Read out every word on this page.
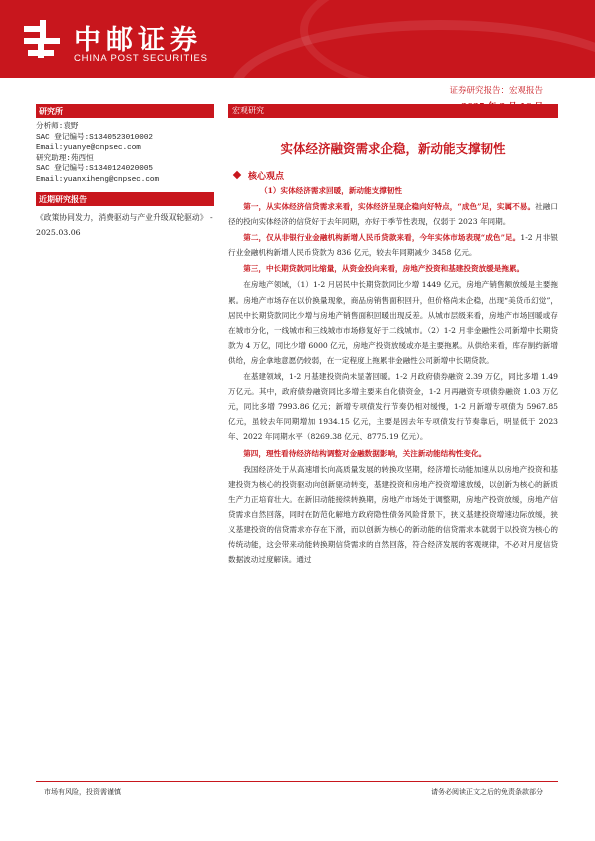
中邮证券
CHINA POST SECURITIES
证券研究报告：宏观报告
研究所
分析师:袁野
SAC 登记编号:S1340523010002
Email:yuanye@cnpsec.com
研究助理:苑西恒
SAC 登记编号:S1340124020005
Email:yuanxiheng@cnpsec.com
近期研究报告
《政策协同发力，消费驱动与产业升级双轮驱动》 - 2025.03.06
宏观研究
实体经济融资需求企稳，新动能支撑韧性
核心观点
（1）实体经济需求回暖，新动能支撑韧性

第一，从实体经济信贷需求来看，实体经济呈现企稳向好特点，“成色”足，实属不易。社融口径的投向实体经济的信贷好于去年同期，亦好于季节性表现，仅弱于 2023 年同期。

第二，仅从非银行业金融机构新增人民币贷款来看，今年实体市场表现“成色”足。1-2 月非银行业金融机构新增人民币贷款为 836 亿元，较去年同期减少 3458 亿元。

第三，中长期贷款同比缩量，从资金投向来看，房地产投资和基建投资放缓是拖累。

在房地产领域，（1）1-2 月居民中长期贷款同比少增 1449 亿元，房地产销售额放缓是主要拖累。房地产市场存在以价换量现象，商品房销售面积回升，但价格尚未企稳，出现“美货币幻觉”，居民中长期贷款同比少增与房地产销售面积回暖出现反差。从城市层级来看，房地产市场回暖或存在城市分化，一线城市和三线城市市场修复好于二线城市。（2）1-2 月非金融性公司新增中长期贷款为 4 万亿，同比少增 6000 亿元，房地产投资放缓或亦是主要拖累。从供给来看，库存制约新增供给，房企拿地意愿仍较弱，在一定程度上拖累非金融性公司新增中长期贷款。

在基建领域，1-2 月基建投资尚未显著回暖。1-2 月政府债券融资 2.39 万亿，同比多增 1.49 万亿元。其中，政府债券融资同比多增主要来自化债资金，1-2 月再融资专项债券融资 1.03 万亿元，同比多增 7993.86 亿元；新增专项债发行节奏仍相对缓慢，1-2 月新增专项债为 5967.85 亿元，虽较去年同期增加 1934.15 亿元，主要是因去年专项债发行节奏靠后，明显低于 2023 年、2022 年同期水平（8269.38 亿元、8775.19 亿元）。

第四，理性看待经济结构调整对金融数据影响，关注新动能结构性变化。

我国经济处于从高速增长向高质量发展的转换攻坚期，经济增长动能加速从以房地产投资和基建投资为核心的投资驱动向创新驱动转变，基建投资和房地产投资增速放缓，以创新为核心的新质生产力正培育壮大。在新旧动能接续转换期，房地产市场处于调整期，房地产投资放缓，房地产信贷需求自然回落，同时在防范化解地方政府隐性债务风险背景下，狭义基建投资增速边际放缓，狭义基建投资的信贷需求亦存在下滑，而以创新为核心的新动能的信贷需求本就弱于以投资为核心的传统动能，这会带来动能转换期信贷需求的自然回落，符合经济发展的客观规律，不必对月度信贷数据波动过度解读。通过

市场有风险，投资需谨慎	请务必阅读正文之后的免责条款部分
